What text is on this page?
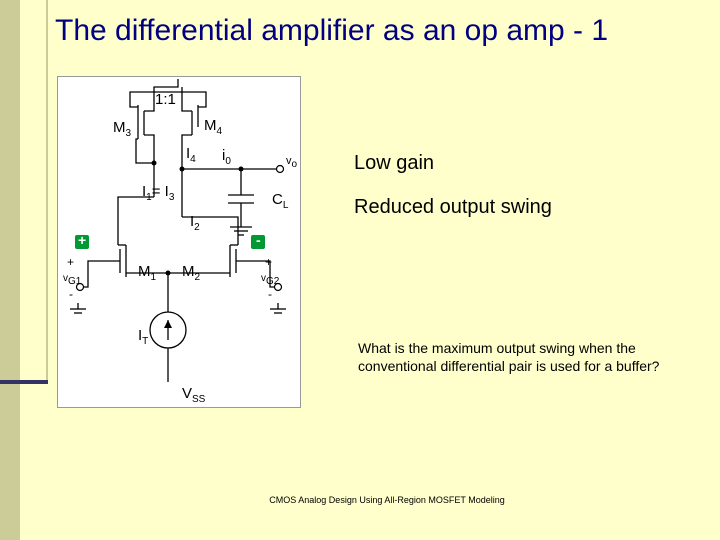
The differential amplifier as an op amp - 1
1:1
$M_3$	$M_4$
$I_4$ $i_0$	$v_o$
$I_1= I_3$	$C_L$
$I_2$
+	-
$M_1$ $M_2$
+
$v_{G1}$
-
+
$v_{G2}$
-
$I_T$
$V_{SS}$
Low gain
Reduced output swing
What is the maximum output swing when the conventional differential pair is used for a buffer?
CMOS Analog Design Using All-Region MOSFET Modeling
